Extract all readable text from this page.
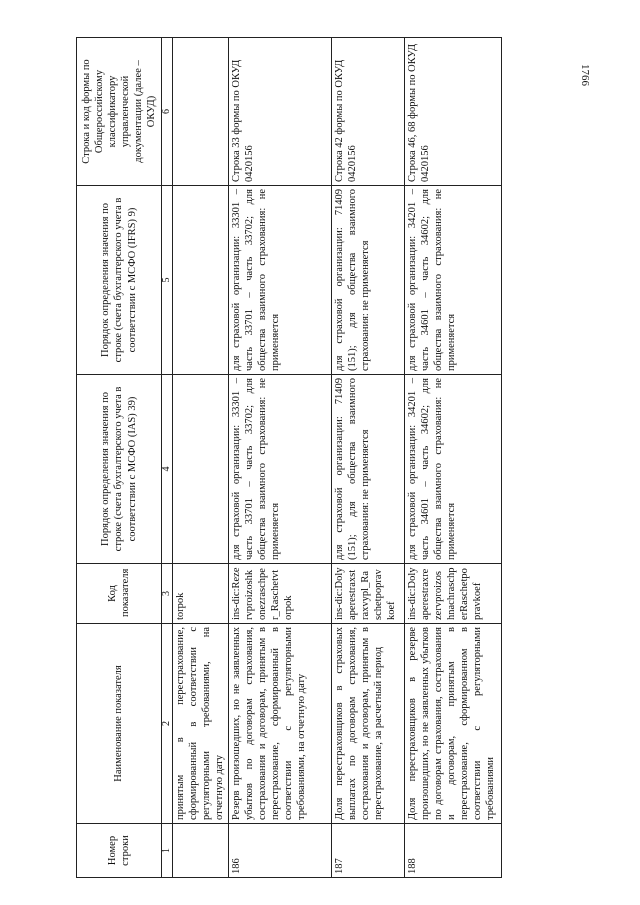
1766
Номер строки	Наименование показателя	Код показателя	Порядок определения значения по строке (счета бухгалтерского учета в соответствии с МСФО (IAS) 39)	Порядок определения значения по строке (счета бухгалтерского учета в соответствии с МСФО (IFRS) 9)	Строка и код формы по Общероссийскому классификатору управленческой документации (далее – ОКУД)
1	2	3	4	5	6
	принятым в перестрахование, сформированный в соответствии с регуляторными требованиями, на отчетную дату	torpok			
186	Резерв произошедших, но не заявленных убытков по договорам страхования, сострахования и договорам, принятым в перестрахование, сформированный в соответствии с регуляторными требованиями, на отчетную дату	ins-dic:Rezervproizoshkonezrasсhper_Raschetvtorpok	для страховой организации: 33301 – часть 33701 – часть 33702; для общества взаимного страхования: не применяется	для страховой организации: 33301 – часть 33701 – часть 33702; для общества взаимного страхования: не применяется	Строка 33 формы по ОКУД 0420156
187	Доля перестраховщиков в страховых выплатах по договорам страхования, сострахования и договорам, принятым в перестрахование, за расчетный период	ins-dic:Dolyaperestraxstraxvypl_Raschetpopravkoef	для страховой организации: 71409 (151); для общества взаимного страхования: не применяется	для страховой организации: 71409 (151); для общества взаимного страхования: не применяется	Строка 42 формы по ОКУД 0420156
188	Доля перестраховщиков в резерве произошедших, но не заявленных убытков по договорам страхования, сострахования и договорам, принятым в перестрахование, сформированном в соответствии с регуляторными требованиями	ins-dic:DolyaperestraxrezervproizoshnachraschperRaschetpopravkoef	для страховой организации: 34201 – часть 34601 – часть 34602; для общества взаимного страхования: не применяется	для страховой организации: 34201 – часть 34601 – часть 34602; для общества взаимного страхования: не применяется	Строка 46, 68 формы по ОКУД 0420156
